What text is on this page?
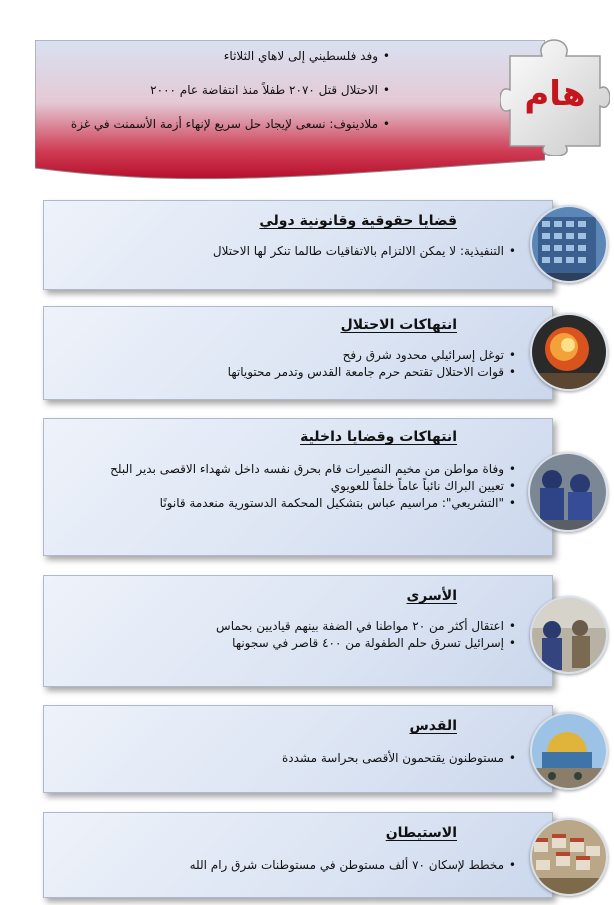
• وفد فلسطيني إلى لاهاي الثلاثاء
• الاحتلال قتل ٢٠٧٠ طفلاً منذ انتفاضة عام ٢٠٠٠
• ملادينوف: نسعى لإيجاد حل سريع لإنهاء أزمة الأسمنت في غزة
هام
قضايا حقوقية وقانونية دولي
• التنفيذية: لا يمكن الالتزام بالاتفاقيات طالما تنكر لها الاحتلال
انتهاكات الاحتلال
• توغل إسرائيلي محدود شرق رفح
• قوات الاحتلال تقتحم حرم جامعة القدس وتدمر محتوياتها
انتهاكات وقضايا داخلية
• وفاة مواطن من مخيم النصيرات قام بحرق نفسه داخل شهداء الاقصى بدير البلح
• تعيين البراك نائباً عاماً خلفاً للعويوي
• "التشريعي": مراسيم عباس بتشكيل المحكمة الدستورية منعدمة قانونًا
الأسرى
• اعتقال أكثر من ٢٠ مواطنا في الضفة بينهم قياديين بحماس
• إسرائيل تسرق حلم الطفولة من ٤٠٠ قاصر في سجونها
القدس
• مستوطنون يقتحمون الأقصى بحراسة مشددة
الاستيطان
• مخطط لإسكان ٧٠ ألف مستوطن في مستوطنات شرق رام الله
